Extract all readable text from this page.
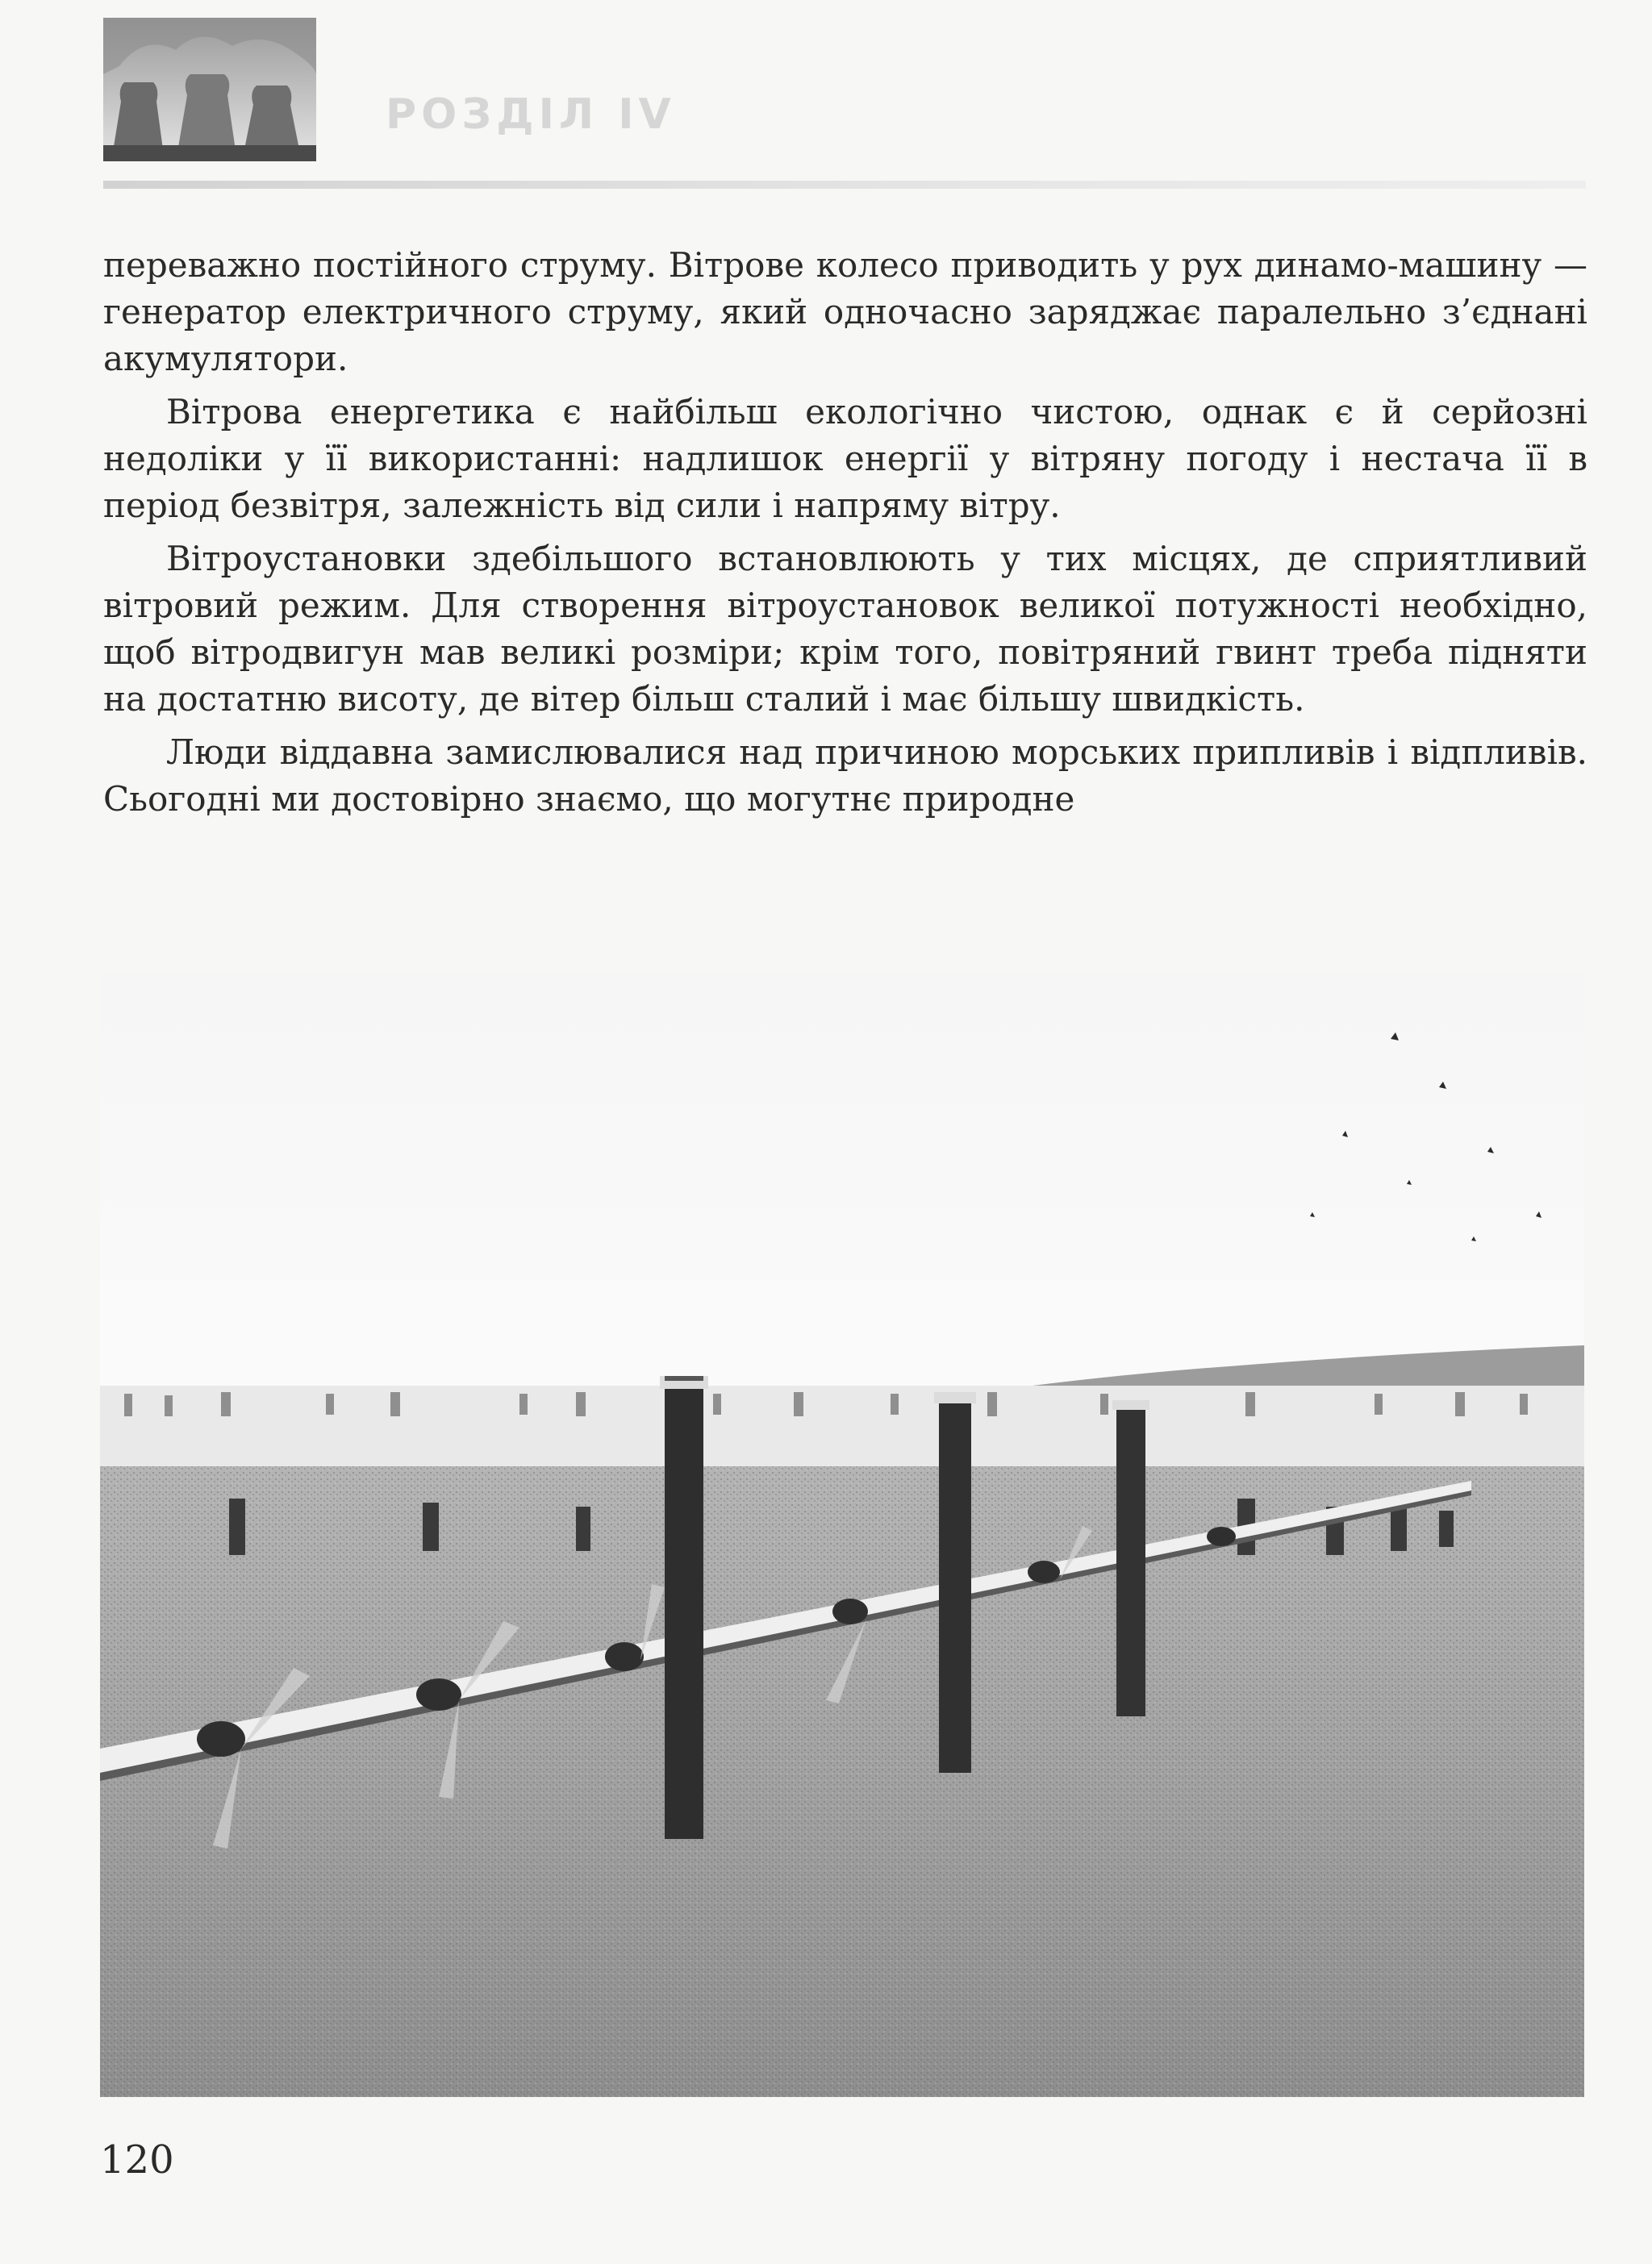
РОЗДІЛ IV

переважно постійного струму. Вітрове колесо приводить у рух динамо-машину — генератор електричного струму, який одночасно заряджає паралельно з’єднані акумулятори.

Вітрова енергетика є найбільш екологічно чистою, однак є й серйозні недоліки у її використанні: надлишок енергії у вітряну погоду і нестача її в період безвітря, залежність від сили і напряму вітру.

Вітроустановки здебільшого встановлюють у тих місцях, де сприятливий вітровий режим. Для створення вітроустановок великої потужності необхідно, щоб вітродвигун мав великі розміри; крім того, повітряний гвинт треба підняти на достатню висоту, де вітер більш сталий і має більшу швидкість.

Люди віддавна замислювалися над причиною морських припливів і відпливів. Сьогодні ми достовірно знаємо, що могутнє природне

120
